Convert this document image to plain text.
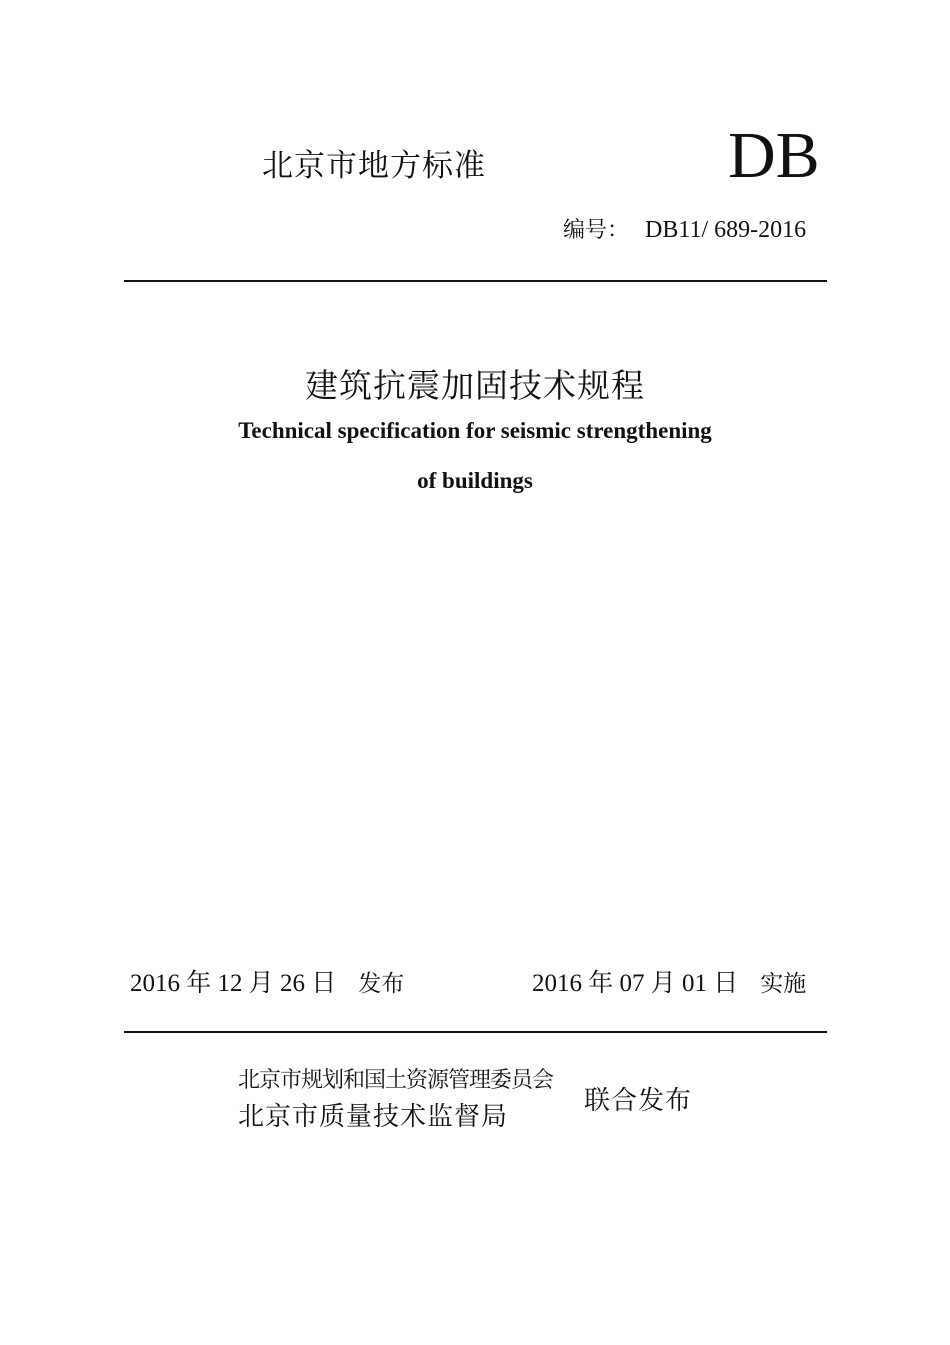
北京市地方标准	DB
编号： DB11/ 689-2016
建筑抗震加固技术规程
Technical specification for seismic strengthening
of buildings
2016 年 12 月 26 日 发布	2016 年 07 月 01 日 实施
北京市规划和国土资源管理委员会
北京市质量技术监督局
联合发布
